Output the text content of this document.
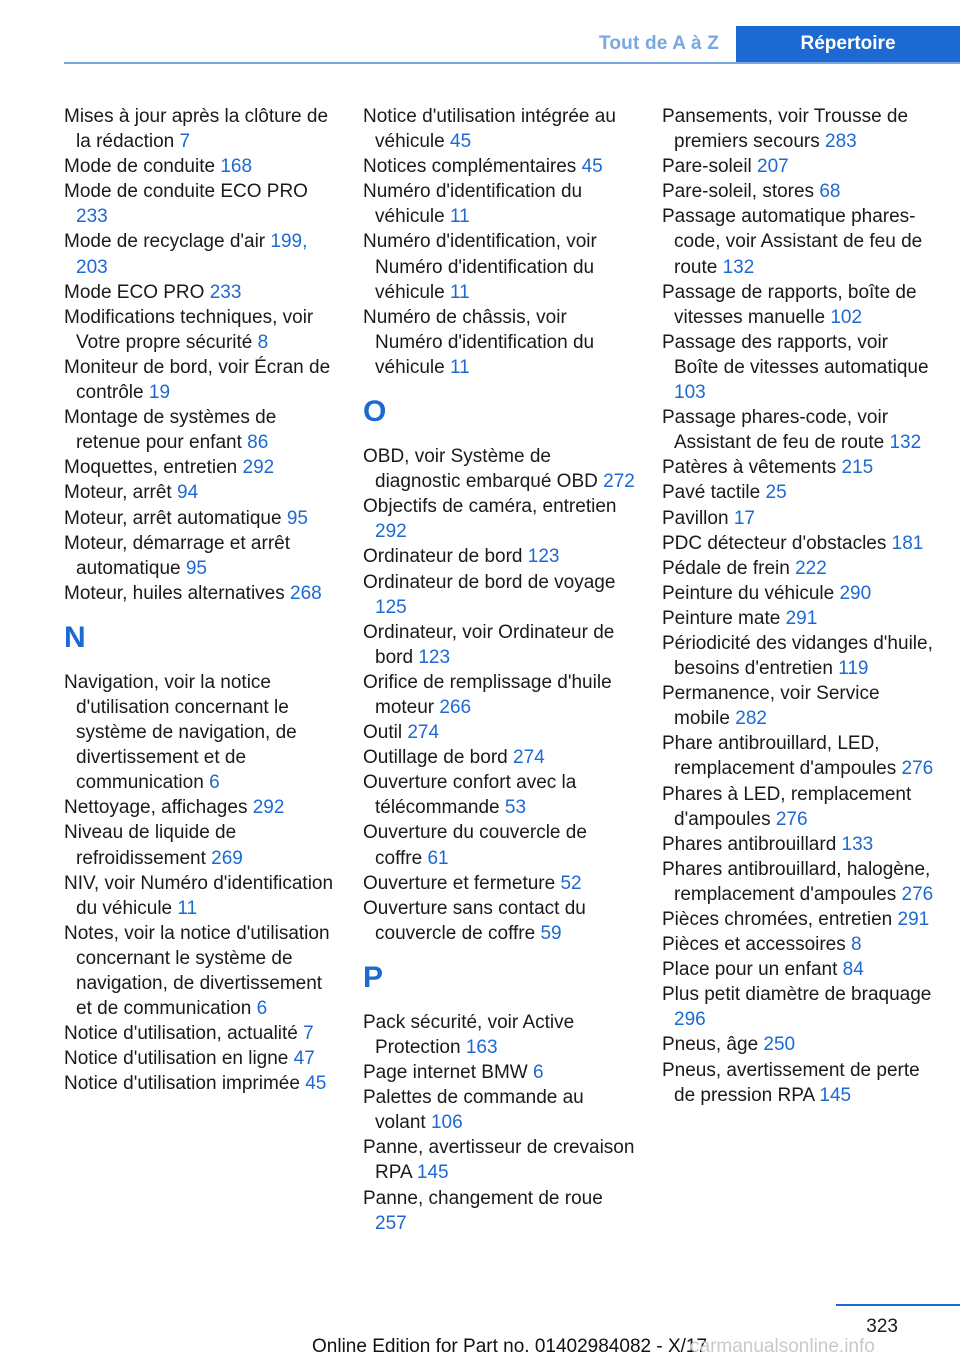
Tout de A à Z	Répertoire
Mises à jour après la clôture de la rédaction 7
Mode de conduite 168
Mode de conduite ECO PRO 233
Mode de recyclage d'air 199, 203
Mode ECO PRO 233
Modifications techniques, voir Votre propre sécurité 8
Moniteur de bord, voir Écran de contrôle 19
Montage de systèmes de retenue pour enfant 86
Moquettes, entretien 292
Moteur, arrêt 94
Moteur, arrêt automatique 95
Moteur, démarrage et arrêt automatique 95
Moteur, huiles alternatives 268
N
Navigation, voir la notice d'utilisation concernant le système de navigation, de divertissement et de communication 6
Nettoyage, affichages 292
Niveau de liquide de refroidissement 269
NIV, voir Numéro d'identification du véhicule 11
Notes, voir la notice d'utilisation concernant le système de navigation, de divertissement et de communication 6
Notice d'utilisation, actualité 7
Notice d'utilisation en ligne 47
Notice d'utilisation imprimée 45
Notice d'utilisation intégrée au véhicule 45
Notices complémentaires 45
Numéro d'identification du véhicule 11
Numéro d'identification, voir Numéro d'identification du véhicule 11
Numéro de châssis, voir Numéro d'identification du véhicule 11
O
OBD, voir Système de diagnostic embarqué OBD 272
Objectifs de caméra, entretien 292
Ordinateur de bord 123
Ordinateur de bord de voyage 125
Ordinateur, voir Ordinateur de bord 123
Orifice de remplissage d'huile moteur 266
Outil 274
Outillage de bord 274
Ouverture confort avec la télécommande 53
Ouverture du couvercle de coffre 61
Ouverture et fermeture 52
Ouverture sans contact du couvercle de coffre 59
P
Pack sécurité, voir Active Protection 163
Page internet BMW 6
Palettes de commande au volant 106
Panne, avertisseur de crevaison RPA 145
Panne, changement de roue 257
Pansements, voir Trousse de premiers secours 283
Pare-soleil 207
Pare-soleil, stores 68
Passage automatique phares-code, voir Assistant de feu de route 132
Passage de rapports, boîte de vitesses manuelle 102
Passage des rapports, voir Boîte de vitesses automatique 103
Passage phares-code, voir Assistant de feu de route 132
Patères à vêtements 215
Pavé tactile 25
Pavillon 17
PDC détecteur d'obstacles 181
Pédale de frein 222
Peinture du véhicule 290
Peinture mate 291
Périodicité des vidanges d'huile, besoins d'entretien 119
Permanence, voir Service mobile 282
Phare antibrouillard, LED, remplacement d'ampoules 276
Phares à LED, remplacement d'ampoules 276
Phares antibrouillard 133
Phares antibrouillard, halogène, remplacement d'ampoules 276
Pièces chromées, entretien 291
Pièces et accessoires 8
Place pour un enfant 84
Plus petit diamètre de braquage 296
Pneus, âge 250
Pneus, avertissement de perte de pression RPA 145
323
Online Edition for Part no. 01402984082 - X/17
carmanualsonline.info
